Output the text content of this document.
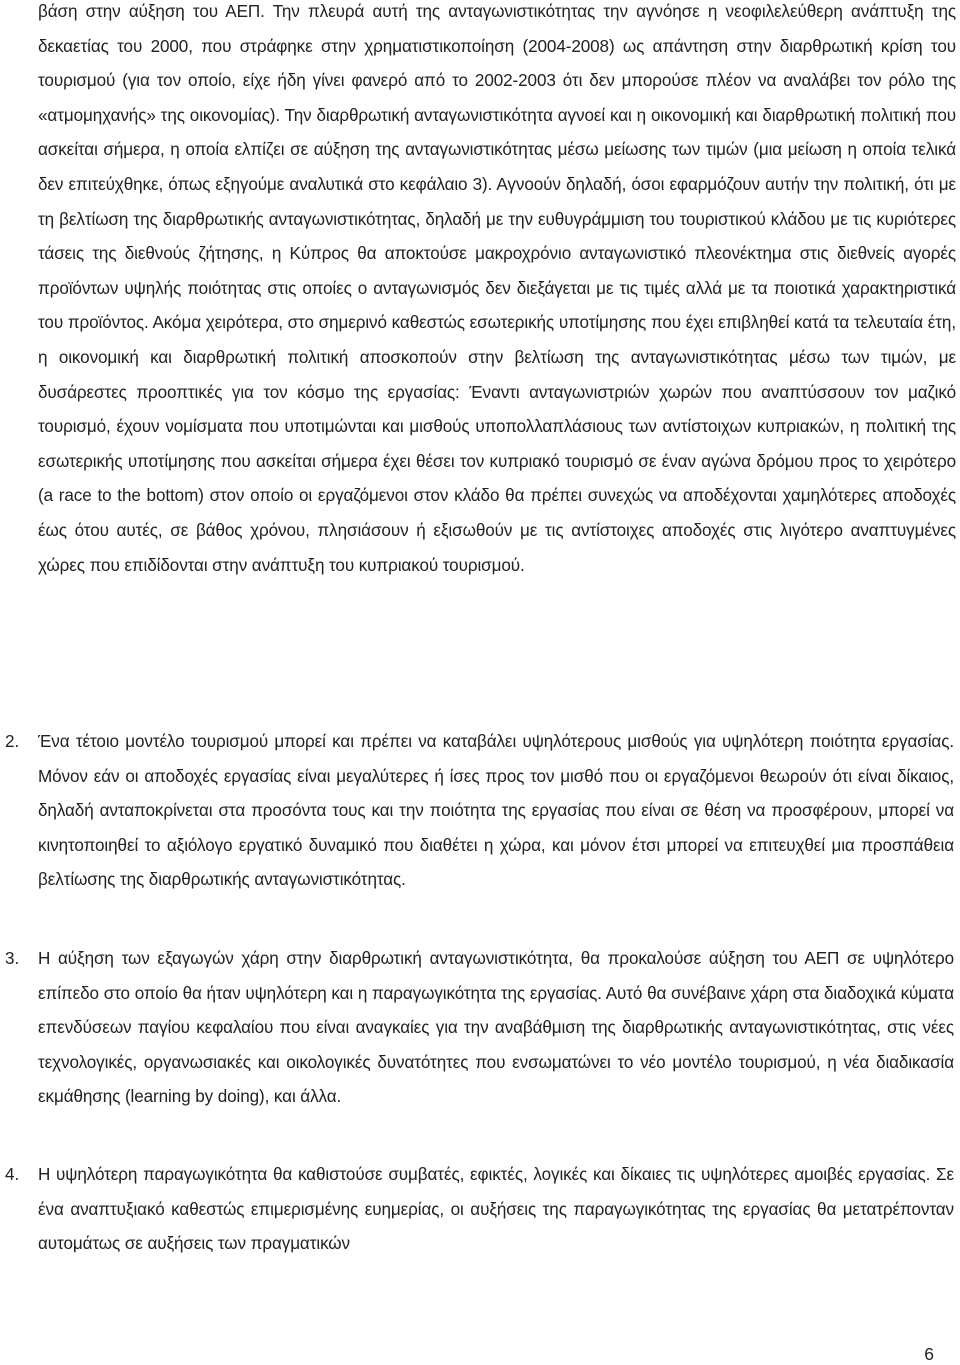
βάση στην αύξηση του ΑΕΠ. Την πλευρά αυτή της ανταγωνιστικότητας την αγνόησε η νεοφιλελεύθερη ανάπτυξη της δεκαετίας του 2000, που στράφηκε στην χρηματιστικοποίηση (2004-2008) ως απάντηση στην διαρθρωτική κρίση του τουρισμού (για τον οποίο, είχε ήδη γίνει φανερό από το 2002-2003 ότι δεν μπορούσε πλέον να αναλάβει τον ρόλο της «ατμομηχανής» της οικονομίας). Την διαρθρωτική ανταγωνιστικότητα αγνοεί και η οικονομική και διαρθρωτική πολιτική που ασκείται σήμερα, η οποία ελπίζει σε αύξηση της ανταγωνιστικότητας μέσω μείωσης των τιμών (μια μείωση η οποία τελικά δεν επιτεύχθηκε, όπως εξηγούμε αναλυτικά στο κεφάλαιο 3). Αγνοούν δηλαδή, όσοι εφαρμόζουν αυτήν την πολιτική, ότι με τη βελτίωση της διαρθρωτικής ανταγωνιστικότητας, δηλαδή με την ευθυγράμμιση του τουριστικού κλάδου με τις κυριότερες τάσεις της διεθνούς ζήτησης, η Κύπρος θα αποκτούσε μακροχρόνιο ανταγωνιστικό πλεονέκτημα στις διεθνείς αγορές προϊόντων υψηλής ποιότητας στις οποίες ο ανταγωνισμός δεν διεξάγεται με τις τιμές αλλά με τα ποιοτικά χαρακτηριστικά του προϊόντος. Ακόμα χειρότερα, στο σημερινό καθεστώς εσωτερικής υποτίμησης που έχει επιβληθεί κατά τα τελευταία έτη, η οικονομική και διαρθρωτική πολιτική αποσκοπούν στην βελτίωση της ανταγωνιστικότητας μέσω των τιμών, με δυσάρεστες προοπτικές για τον κόσμο της εργασίας: Έναντι ανταγωνιστριών χωρών που αναπτύσσουν τον μαζικό τουρισμό, έχουν νομίσματα που υποτιμώνται και μισθούς υποπολλαπλάσιους των αντίστοιχων κυπριακών, η πολιτική της εσωτερικής υποτίμησης που ασκείται σήμερα έχει θέσει τον κυπριακό τουρισμό σε έναν αγώνα δρόμου προς το χειρότερο (a race to the bottom) στον οποίο οι εργαζόμενοι στον κλάδο θα πρέπει συνεχώς να αποδέχονται χαμηλότερες αποδοχές έως ότου αυτές, σε βάθος χρόνου, πλησιάσουν ή εξισωθούν με τις αντίστοιχες αποδοχές στις λιγότερο αναπτυγμένες χώρες που επιδίδονται στην ανάπτυξη του κυπριακού τουρισμού.

2. Ένα τέτοιο μοντέλο τουρισμού μπορεί και πρέπει να καταβάλει υψηλότερους μισθούς για υψηλότερη ποιότητα εργασίας. Μόνον εάν οι αποδοχές εργασίας είναι μεγαλύτερες ή ίσες προς τον μισθό που οι εργαζόμενοι θεωρούν ότι είναι δίκαιος, δηλαδή ανταποκρίνεται στα προσόντα τους και την ποιότητα της εργασίας που είναι σε θέση να προσφέρουν, μπορεί να κινητοποιηθεί το αξιόλογο εργατικό δυναμικό που διαθέτει η χώρα, και μόνον έτσι μπορεί να επιτευχθεί μια προσπάθεια βελτίωσης της διαρθρωτικής ανταγωνιστικότητας.

3. Η αύξηση των εξαγωγών χάρη στην διαρθρωτική ανταγωνιστικότητα, θα προκαλούσε αύξηση του ΑΕΠ σε υψηλότερο επίπεδο στο οποίο θα ήταν υψηλότερη και η παραγωγικότητα της εργασίας. Αυτό θα συνέβαινε χάρη στα διαδοχικά κύματα επενδύσεων παγίου κεφαλαίου που είναι αναγκαίες για την αναβάθμιση της διαρθρωτικής ανταγωνιστικότητας, στις νέες τεχνολογικές, οργανωσιακές και οικολογικές δυνατότητες που ενσωματώνει το νέο μοντέλο τουρισμού, η νέα διαδικασία εκμάθησης (learning by doing), και άλλα.

4. Η υψηλότερη παραγωγικότητα θα καθιστούσε συμβατές, εφικτές, λογικές και δίκαιες τις υψηλότερες αμοιβές εργασίας. Σε ένα αναπτυξιακό καθεστώς επιμερισμένης ευημερίας, οι αυξήσεις της παραγωγικότητας της εργασίας θα μετατρέπονταν αυτομάτως σε αυξήσεις των πραγματικών

6
